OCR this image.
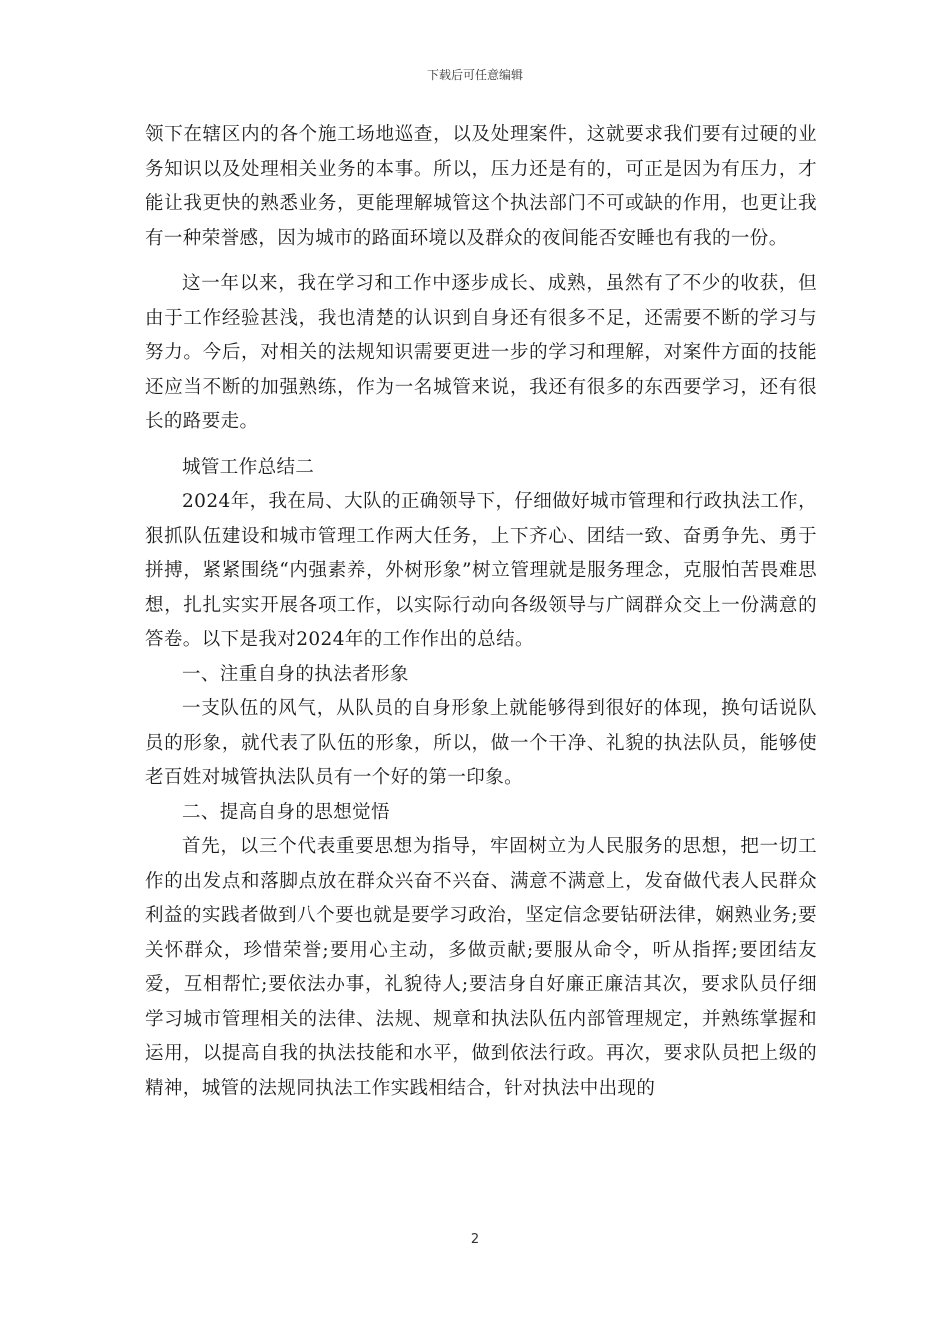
下载后可任意编辑

领下在辖区内的各个施工场地巡查，以及处理案件，这就要求我们要有过硬的业务知识以及处理相关业务的本事。所以，压力还是有的，可正是因为有压力，才能让我更快的熟悉业务，更能理解城管这个执法部门不可或缺的作用，也更让我有一种荣誉感，因为城市的路面环境以及群众的夜间能否安睡也有我的一份。

这一年以来，我在学习和工作中逐步成长、成熟，虽然有了不少的收获，但由于工作经验甚浅，我也清楚的认识到自身还有很多不足，还需要不断的学习与努力。今后，对相关的法规知识需要更进一步的学习和理解，对案件方面的技能还应当不断的加强熟练，作为一名城管来说，我还有很多的东西要学习，还有很长的路要走。

城管工作总结二

2024年，我在局、大队的正确领导下，仔细做好城市管理和行政执法工作，狠抓队伍建设和城市管理工作两大任务，上下齐心、团结一致、奋勇争先、勇于拼搏，紧紧围绕“内强素养，外树形象”树立管理就是服务理念，克服怕苦畏难思想，扎扎实实开展各项工作，以实际行动向各级领导与广阔群众交上一份满意的答卷。以下是我对2024年的工作作出的总结。

一、注重自身的执法者形象

一支队伍的风气，从队员的自身形象上就能够得到很好的体现，换句话说队员的形象，就代表了队伍的形象，所以，做一个干净、礼貌的执法队员，能够使老百姓对城管执法队员有一个好的第一印象。

二、提高自身的思想觉悟

首先，以三个代表重要思想为指导，牢固树立为人民服务的思想，把一切工作的出发点和落脚点放在群众兴奋不兴奋、满意不满意上，发奋做代表人民群众利益的实践者做到八个要也就是要学习政治，坚定信念要钻研法律，娴熟业务;要关怀群众，珍惜荣誉;要用心主动，多做贡献;要服从命令，听从指挥;要团结友爱，互相帮忙;要依法办事，礼貌待人;要洁身自好廉正廉洁其次，要求队员仔细学习城市管理相关的法律、法规、规章和执法队伍内部管理规定，并熟练掌握和运用，以提高自我的执法技能和水平，做到依法行政。再次，要求队员把上级的精神，城管的法规同执法工作实践相结合，针对执法中出现的

2
